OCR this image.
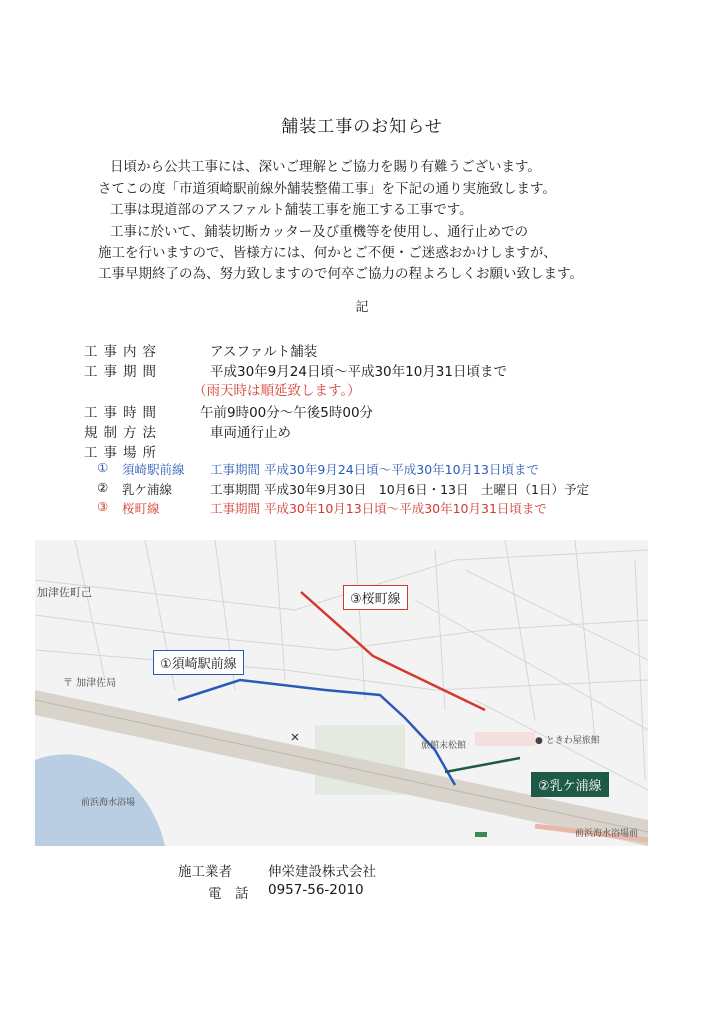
舗装工事のお知らせ
日頃から公共工事には、深いご理解とご協力を賜り有難うございます。
さてこの度「市道須崎駅前線外舗装整備工事」を下記の通り実施致します。
工事は現道部のアスファルト舗装工事を施工する工事です。
工事に於いて、鋪装切断カッター及び重機等を使用し、通行止めでの
施工を行いますので、皆様方には、何かとご不便・ご迷惑おかけしますが、
工事早期終了の為、努力致しますので何卒ご協力の程よろしくお願い致します。
記
工事内容	アスファルト舗装
工事期間	平成30年9月24日頃～平成30年10月31日頃まで
（雨天時は順延致します。）
工事時間	午前9時00分～午後5時00分
規制方法	車両通行止め
工事場所
① 須崎駅前線 工事期間 平成30年9月24日頃～平成30年10月13日頃まで
② 乳ケ浦線	工事期間 平成30年9月30日　10月6日・13日　土曜日（1日）予定
③ 桜町線	工事期間 平成30年10月13日頃～平成30年10月31日頃まで
③桜町線
①須崎駅前線
②乳ケ浦線
加津佐町己
〒 加津佐局
旅館末松館	● ときわ屋旅館
前浜海水浴場
前浜海水浴場前
施工業者	伸栄建設株式会社
電　話 0957-56-2010
